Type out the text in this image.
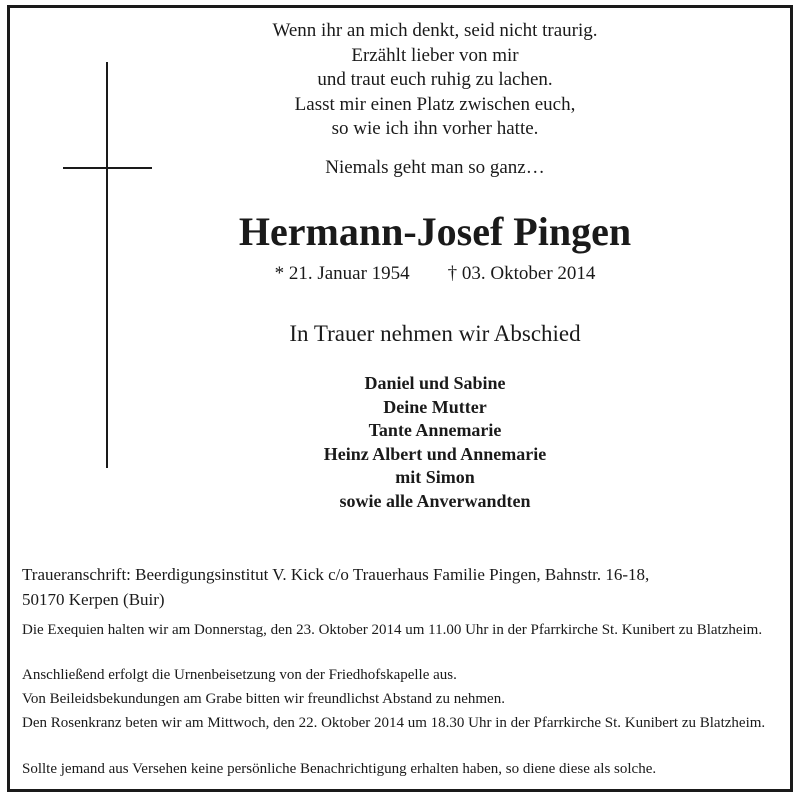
Wenn ihr an mich denkt, seid nicht traurig.
Erzählt lieber von mir
und traut euch ruhig zu lachen.
Lasst mir einen Platz zwischen euch,
so wie ich ihn vorher hatte.
Niemals geht man so ganz…
Hermann-Josef Pingen
* 21. Januar 1954 † 03. Oktober 2014
In Trauer nehmen wir Abschied
Daniel und Sabine
Deine Mutter
Tante Annemarie
Heinz Albert und Annemarie
mit Simon
sowie alle Anverwandten
Traueranschrift: Beerdigungsinstitut V. Kick c/o Trauerhaus Familie Pingen, Bahnstr. 16-18,
50170 Kerpen (Buir)
Die Exequien halten wir am Donnerstag, den 23. Oktober 2014 um 11.00 Uhr in der Pfarrkirche St. Kunibert zu Blatzheim.
Anschließend erfolgt die Urnenbeisetzung von der Friedhofskapelle aus.
Von Beileidsbekundungen am Grabe bitten wir freundlichst Abstand zu nehmen.
Den Rosenkranz beten wir am Mittwoch, den 22. Oktober 2014 um 18.30 Uhr in der Pfarrkirche St. Kunibert zu Blatzheim.
Sollte jemand aus Versehen keine persönliche Benachrichtigung erhalten haben, so diene diese als solche.
